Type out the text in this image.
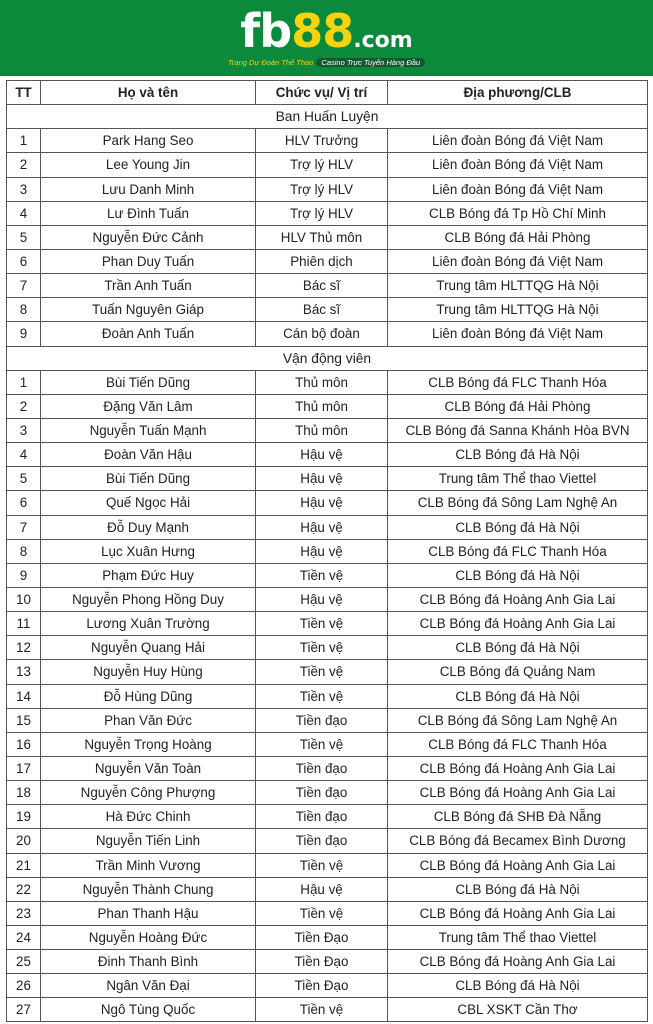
fb88.com
Trang Dự Đoán Thể Thao Casino Trực Tuyến Hàng Đầu
TT	Họ và tên	Chức vụ/ Vị trí	Địa phương/CLB
Ban Huấn Luyện			
1	Park Hang Seo	HLV Trưởng	Liên đoàn Bóng đá Việt Nam
2	Lee Young Jin	Trợ lý HLV	Liên đoàn Bóng đá Việt Nam
3	Lưu Danh Minh	Trợ lý HLV	Liên đoàn Bóng đá Việt Nam
4	Lư Đình Tuấn	Trợ lý HLV	CLB Bóng đá Tp Hồ Chí Minh
5	Nguyễn Đức Cảnh	HLV Thủ môn	CLB Bóng đá Hải Phòng
6	Phan Duy Tuấn	Phiên dịch	Liên đoàn Bóng đá Việt Nam
7	Trần Anh Tuấn	Bác sĩ	Trung tâm HLTTQG Hà Nội
8	Tuấn Nguyên Giáp	Bác sĩ	Trung tâm HLTTQG Hà Nội
9	Đoàn Anh Tuấn	Cán bộ đoàn	Liên đoàn Bóng đá Việt Nam
Vận động viên			
1	Bùi Tiến Dũng	Thủ môn	CLB Bóng đá FLC Thanh Hóa
2	Đặng Văn Lâm	Thủ môn	CLB Bóng đá Hải Phòng
3	Nguyễn Tuấn Mạnh	Thủ môn	CLB Bóng đá Sanna Khánh Hòa BVN
4	Đoàn Văn Hậu	Hậu vệ	CLB Bóng đá Hà Nội
5	Bùi Tiến Dũng	Hậu vệ	Trung tâm Thể thao Viettel
6	Quế Ngọc Hải	Hậu vệ	CLB Bóng đá Sông Lam Nghệ An
7	Đỗ Duy Mạnh	Hậu vệ	CLB Bóng đá Hà Nội
8	Lục Xuân Hưng	Hậu vệ	CLB Bóng đá FLC Thanh Hóa
9	Phạm Đức Huy	Tiền vệ	CLB Bóng đá Hà Nội
10	Nguyễn Phong Hồng Duy	Hậu vệ	CLB Bóng đá Hoàng Anh Gia Lai
11	Lương Xuân Trường	Tiền vệ	CLB Bóng đá Hoàng Anh Gia Lai
12	Nguyễn Quang Hải	Tiền vệ	CLB Bóng đá Hà Nội
13	Nguyễn Huy Hùng	Tiền vệ	CLB Bóng đá Quảng Nam
14	Đỗ Hùng Dũng	Tiền vệ	CLB Bóng đá Hà Nội
15	Phan Văn Đức	Tiền đạo	CLB Bóng đá Sông Lam Nghệ An
16	Nguyễn Trọng Hoàng	Tiền vệ	CLB Bóng đá FLC Thanh Hóa
17	Nguyễn Văn Toàn	Tiền đạo	CLB Bóng đá Hoàng Anh Gia Lai
18	Nguyễn Công Phượng	Tiền đạo	CLB Bóng đá Hoàng Anh Gia Lai
19	Hà Đức Chinh	Tiền đạo	CLB Bóng đá SHB Đà Nẵng
20	Nguyễn Tiến Linh	Tiền đạo	CLB Bóng đá Becamex Bình Dương
21	Trần Minh Vương	Tiền vệ	CLB Bóng đá Hoàng Anh Gia Lai
22	Nguyễn Thành Chung	Hậu vệ	CLB Bóng đá Hà Nội
23	Phan Thanh Hậu	Tiền vệ	CLB Bóng đá Hoàng Anh Gia Lai
24	Nguyễn Hoàng Đức	Tiền Đạo	Trung tâm Thể thao Viettel
25	Đinh Thanh Bình	Tiền Đạo	CLB Bóng đá Hoàng Anh Gia Lai
26	Ngân Văn Đại	Tiền Đạo	CLB Bóng đá Hà Nội
27	Ngô Tùng Quốc	Tiền vệ	CBL XSKT Cần Thơ
